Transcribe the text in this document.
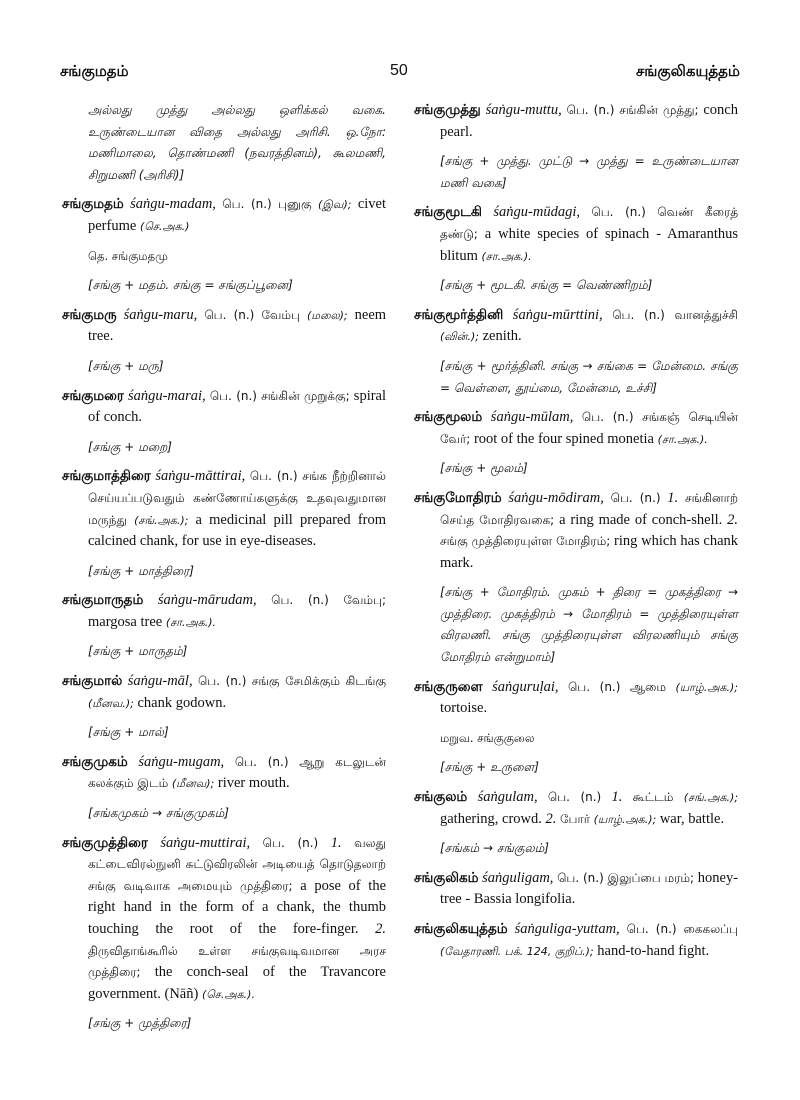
சங்குமதம்	50	சங்குலிகயுத்தம்
அல்லது முத்து அல்லது ஒளிக்கல் வகை. உருண்டையான விதை அல்லது அரிசி. ஒ.நோ: மணிமாலை, தொண்மணி (நவரத்தினம்), கூலமணி, சிறுமணி (அரிசி)]
சங்குமதம் śaṅgu-madam, பெ. (n.) புனுகு (இவ); civet perfume (செ.அக.)
தெ. சங்குமதமு
[சங்கு + மதம். சங்கு = சங்குப்பூனை]
சங்குமரு śaṅgu-maru, பெ. (n.) வேம்பு (மலை); neem tree.
[சங்கு + மரு]
சங்குமரை śaṅgu-marai, பெ. (n.) சங்கின் முறுக்கு; spiral of conch.
[சங்கு + மறை]
சங்குமாத்திரை śaṅgu-māttirai, பெ. (n.) சங்க நீற்றினால் செய்யப்படுவதும் கண்ணோய்களுக்கு உதவுவதுமான மருந்து (சங்.அக.); a medicinal pill prepared from calcined chank, for use in eye-diseases.
[சங்கு + மாத்திரை]
சங்குமாருதம் śaṅgu-mārudam, பெ. (n.) வேம்பு; margosa tree (சா.அக.).
[சங்கு + மாருதம்]
சங்குமால் śaṅgu-māl, பெ. (n.) சங்கு சேமிக்கும் கிடங்கு (மீனவ.); chank godown.
[சங்கு + மால்]
சங்குமுகம் śaṅgu-mugam, பெ. (n.) ஆறு கடலுடன் கலக்கும் இடம் (மீனவ); river mouth.
[சங்கமுகம் → சங்குமுகம்]
சங்குமுத்திரை śaṅgu-muttirai, பெ. (n.) 1. வலது கட்டைவிரல்நுனி சுட்டுவிரலின் அடியைத் தொடுதலாற் சங்கு வடிவாக அமையும் முத்திரை; a pose of the right hand in the form of a chank, the thumb touching the root of the fore-finger. 2. திருவிதாங்கூரில் உள்ள சங்குவடிவமான அரச முத்திரை; the conch-seal of the Travancore government. (Nāñ) (செ.அக.).
[சங்கு + முத்திரை]
சங்குமுத்து śaṅgu-muttu, பெ. (n.) சங்கின் முத்து; conch pearl.
[சங்கு + முத்து. முட்டு → முத்து = உருண்டையான மணி வகை]
சங்குமூடகி śaṅgu-mūdagi, பெ. (n.) வெண் கீரைத் தண்டு; a white species of spinach - Amaranthus blitum (சா.அக.).
[சங்கு + மூடகி. சங்கு = வெண்ணிறம்]
சங்குமூர்த்தினி śaṅgu-mūrttini, பெ. (n.) வானத்துச்சி (வின்.); zenith.
[சங்கு + மூர்த்தினி. சங்கு → சங்கை = மேன்மை. சங்கு = வெள்ளை, தூய்மை, மேன்மை, உச்சி]
சங்குமூலம் śaṅgu-mūlam, பெ. (n.) சங்கஞ் செடியின் வேர்; root of the four spined monetia (சா.அக.).
[சங்கு + மூலம்]
சங்குமோதிரம் śaṅgu-mōdiram, பெ. (n.) 1. சங்கினாற் செய்த மோதிரவகை; a ring made of conch-shell. 2. சங்கு முத்திரையுள்ள மோதிரம்; ring which has chank mark.
[சங்கு + மோதிரம். முகம் + திரை = முகத்திரை → முத்திரை. முகத்திரம் → மோதிரம் = முத்திரையுள்ள விரலணி. சங்கு முத்திரையுள்ள விரலணியும் சங்கு மோதிரம் என்றுமாம்]
சங்குருளை śaṅguruḷai, பெ. (n.) ஆமை (யாழ்.அக.); tortoise.
மறுவ. சங்குகுலை
[சங்கு + உருளை]
சங்குலம் śaṅgulam, பெ. (n.) 1. கூட்டம் (சங்.அக.); gathering, crowd. 2. போர் (யாழ்.அக.); war, battle.
[சங்கம் → சங்குலம்]
சங்குலிகம் śaṅguligam, பெ. (n.) இலுப்பை மரம்; honey-tree - Bassia longifolia.
சங்குலிகயுத்தம் śaṅguliga-yuttam, பெ. (n.) கைகலப்பு (வேதாரணி. பக். 124, குறிப்.); hand-to-hand fight.
